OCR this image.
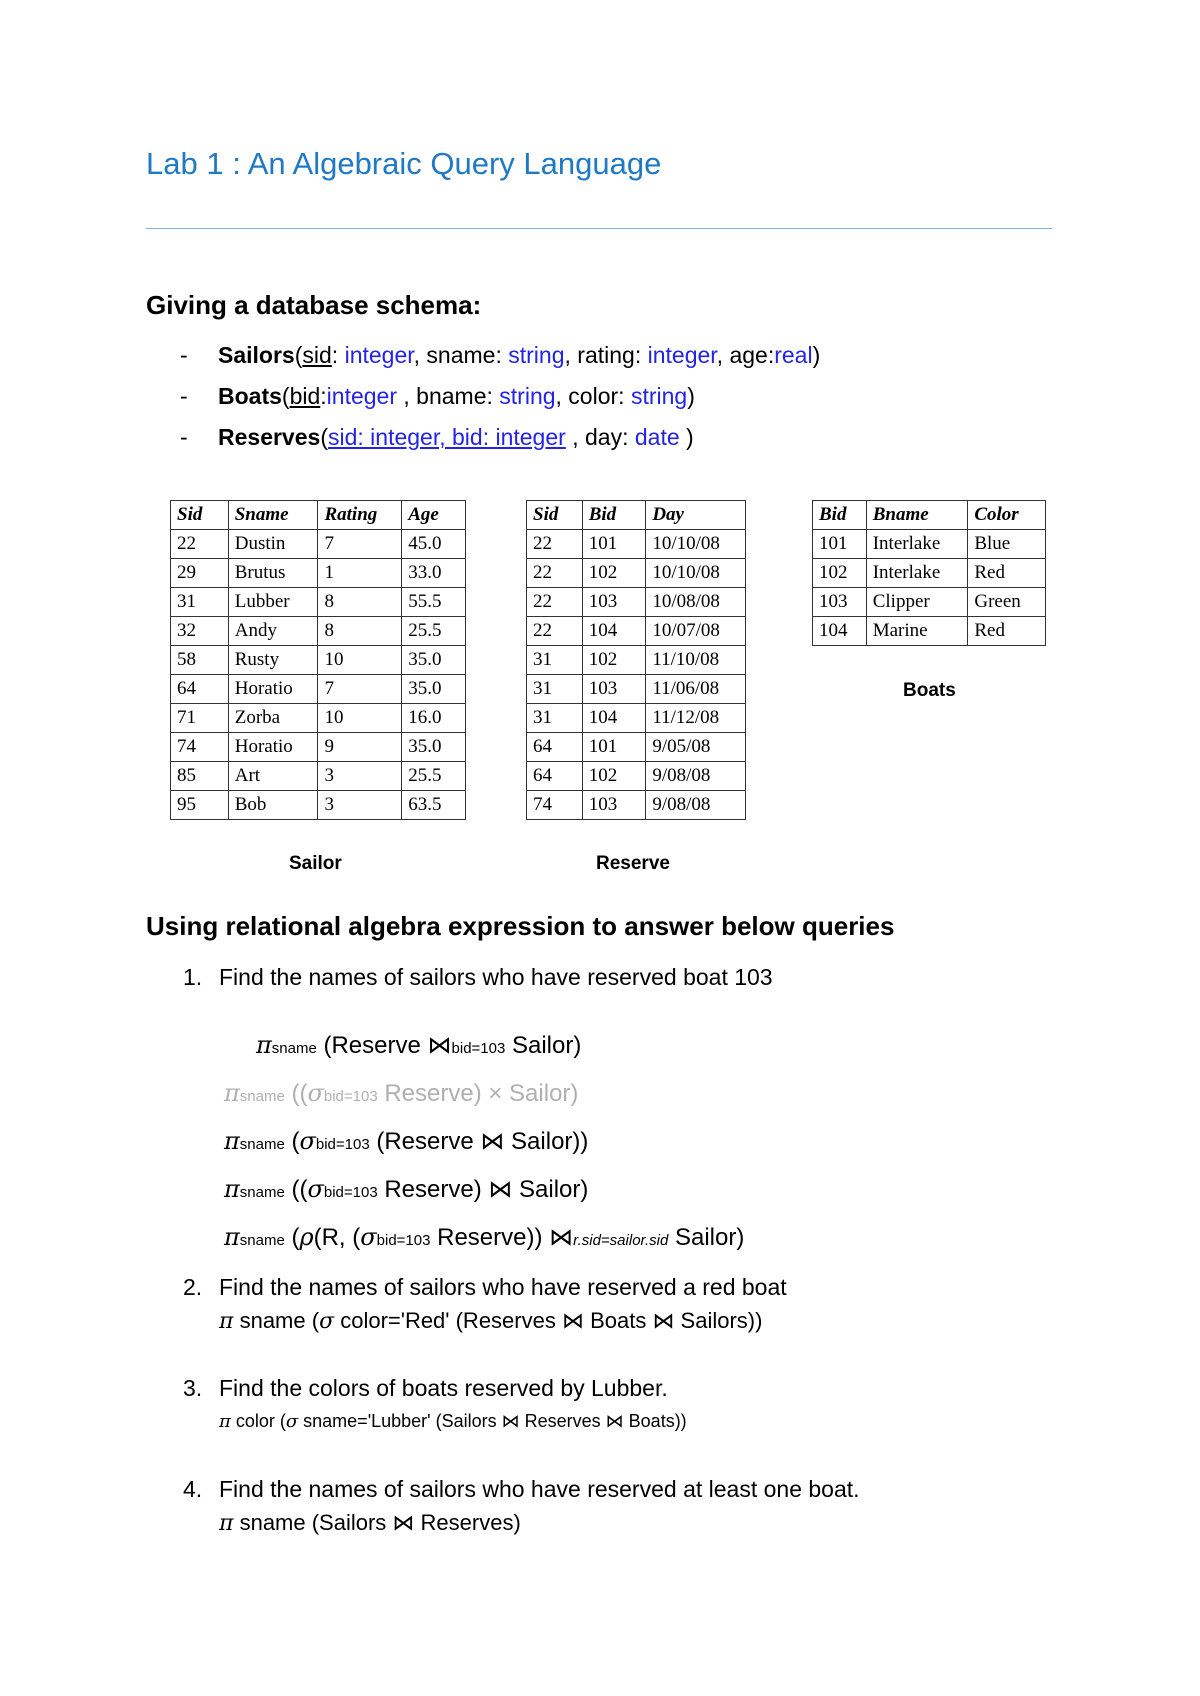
Lab 1 : An Algebraic Query Language
Giving a database schema:
- Sailors(sid: integer, sname: string, rating: integer, age:real)
- Boats(bid:integer , bname: string, color: string)
- Reserves(sid: integer, bid: integer , day: date )
Sid	Sname	Rating	Age
22	Dustin	7	45.0
29	Brutus	1	33.0
31	Lubber	8	55.5
32	Andy	8	25.5
58	Rusty	10	35.0
64	Horatio	7	35.0
71	Zorba	10	16.0
74	Horatio	9	35.0
85	Art	3	25.5
95	Bob	3	63.5
Sailor
Sid	Bid	Day
22	101	10/10/08
22	102	10/10/08
22	103	10/08/08
22	104	10/07/08
31	102	11/10/08
31	103	11/06/08
31	104	11/12/08
64	101	9/05/08
64	102	9/08/08
74	103	9/08/08
Reserve
Bid	Bname	Color
101	Interlake	Blue
102	Interlake	Red
103	Clipper	Green
104	Marine	Red
Boats
Using relational algebra expression to answer below queries
1. Find the names of sailors who have reserved boat 103
πsname (Reserve ⋈bid=103 Sailor)
πsname ((σbid=103 Reserve) × Sailor)
πsname (σbid=103 (Reserve ⋈ Sailor))
πsname ((σbid=103 Reserve) ⋈ Sailor)
πsname (ρ(R, (σbid=103 Reserve)) ⋈r.sid=sailor.sid Sailor)
2. Find the names of sailors who have reserved a red boat
π sname (σ color='Red' (Reserves ⋈ Boats ⋈ Sailors))
3. Find the colors of boats reserved by Lubber.
π color (σ sname='Lubber' (Sailors ⋈ Reserves ⋈ Boats))
4. Find the names of sailors who have reserved at least one boat.
π sname (Sailors ⋈ Reserves)
